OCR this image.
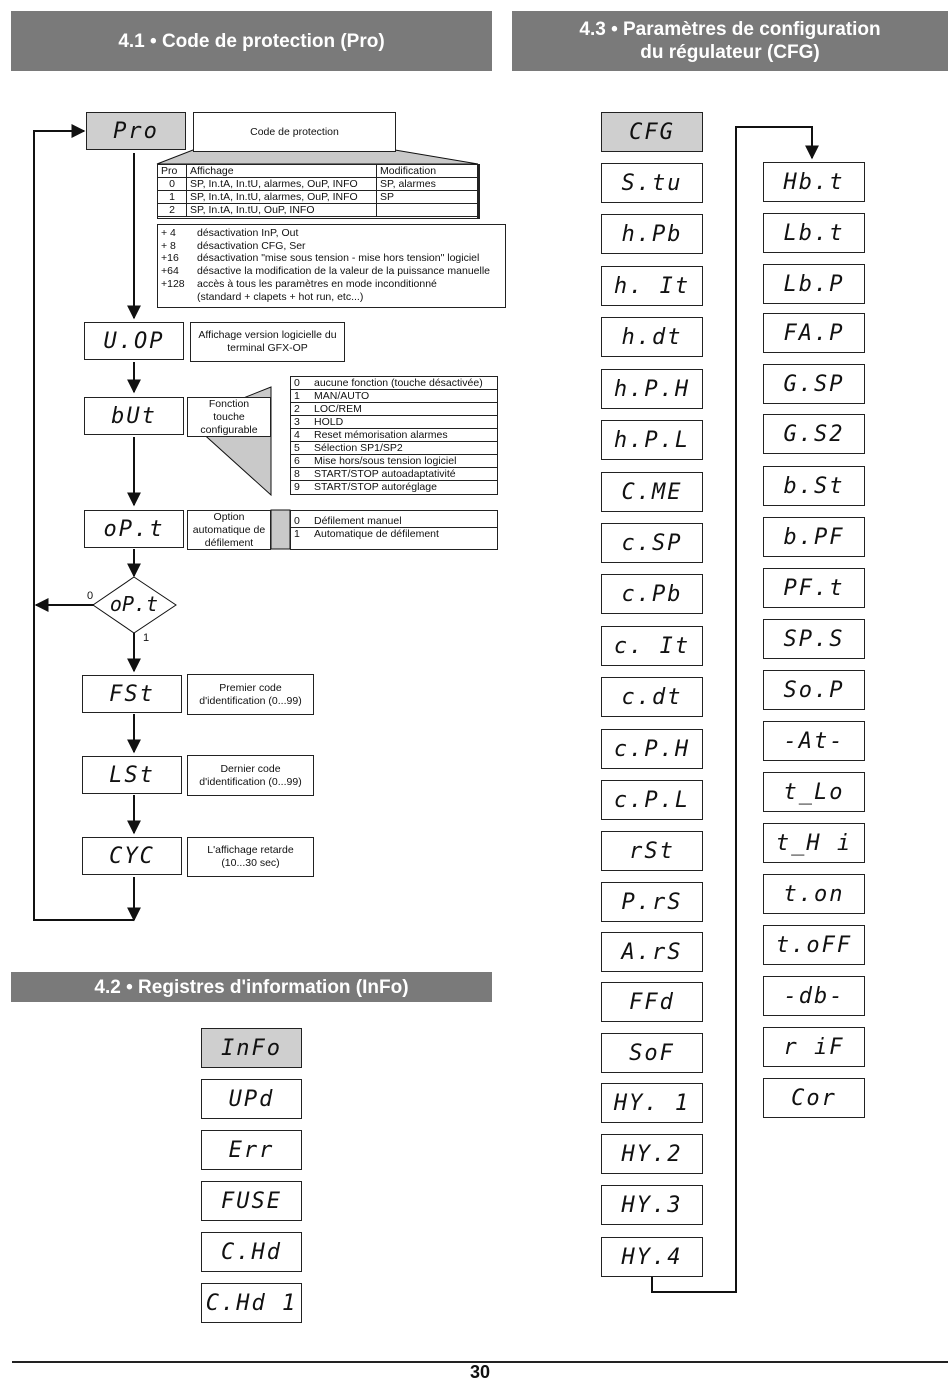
4.1 • Code de protection (Pro)
4.3 • Paramètres de configuration
du régulateur (CFG)
4.2 • Registres d'information (InFo)
Pro	Code de protection
Pro	Affichage	Modification
0	SP, In.tA, In.tU, alarmes, OuP, INFO	SP, alarmes
1	SP, In.tA, In.tU, alarmes, OuP, INFO	SP
2	SP, In.tA, In.tU, OuP, INFO	
+ 4	désactivation InP, Out
+ 8	désactivation CFG, Ser
+16	désactivation "mise sous tension - mise hors tension" logiciel
+64	désactive la modification de la valeur de la puissance manuelle
+128	accès à tous les paramètres en mode inconditionné
(standard + clapets + hot run, etc...)
U.OP	Affichage version logicielle du terminal GFX-OP
bUt	Fonction touche configurable
0	aucune fonction (touche désactivée)
1	MAN/AUTO
2	LOC/REM
3	HOLD
4	Reset mémorisation alarmes
5	Sélection SP1/SP2
6	Mise hors/sous tension logiciel
8	START/STOP autoadaptativité
9	START/STOP autoréglage
oP.t	Option automatique de défilement
0	Défilement manuel
1	Automatique de défilement
oP.t
0
1
FSt	Premier code d'identification (0...99)
LSt	Dernier code d'identification (0...99)
CYC	L'affichage retarde (10...30 sec)
InFo
UPd
Err
FUSE
C.Hd
C.Hd 1
CFG
S.tu
h.Pb
h. It
h.dt
h.P.H
h.P.L
C.ME
c.SP
c.Pb
c. It
c.dt
c.P.H
c.P.L
rSt
P.rS
A.rS
FFd
SoF
HY. 1
HY.2
HY.3
HY.4
Hb.t
Lb.t
Lb.P
FA.P
G.SP
G.S2
b.St
b.PF
PF.t
SP.S
So.P
-At-
t_Lo
t_H i
t.on
t.oFF
-db-
r iF
Cor
30
